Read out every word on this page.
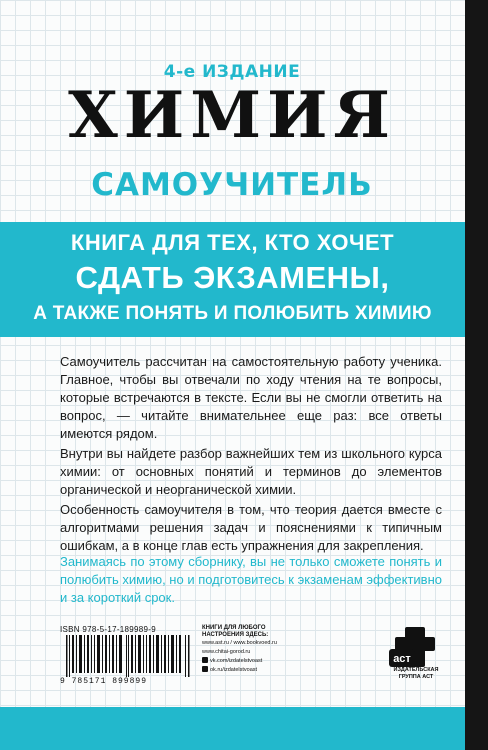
4-е ИЗДАНИЕ
ХИМИЯ
САМОУЧИТЕЛЬ
КНИГА ДЛЯ ТЕХ, КТО ХОЧЕТ
СДАТЬ ЭКЗАМЕНЫ,
А ТАКЖЕ ПОНЯТЬ И ПОЛЮБИТЬ ХИМИЮ
Самоучитель рассчитан на самостоятельную работу ученика. Главное, чтобы вы отвечали по ходу чтения на те вопросы, которые встречаются в тексте. Если вы не смогли ответить на вопрос, — читайте внимательнее еще раз: все ответы имеются рядом.
Внутри вы найдете разбор важнейших тем из школьного курса химии: от основных понятий и терминов до элементов органической и неорганической химии.
Особенность самоучителя в том, что теория дается вместе с алгоритмами решения задач и пояснениями к типичным ошибкам, а в конце глав есть упражнения для закрепления.
Занимаясь по этому сборнику, вы не только сможете понять и полюбить химию, но и подготовитесь к экзаменам эффективно и за короткий срок.
ISBN 978-5-17-189989-9
9 785171 899899
КНИГИ ДЛЯ ЛЮБОГО
НАСТРОЕНИЯ ЗДЕСЬ:
www.ast.ru / www.bookvoed.ru
www.chitai-gorod.ru
vk.com/izdatelstvoast
ok.ru/izdatelstvoast
аст
ИЗДАТЕЛЬСКАЯ
ГРУППА АСТ
